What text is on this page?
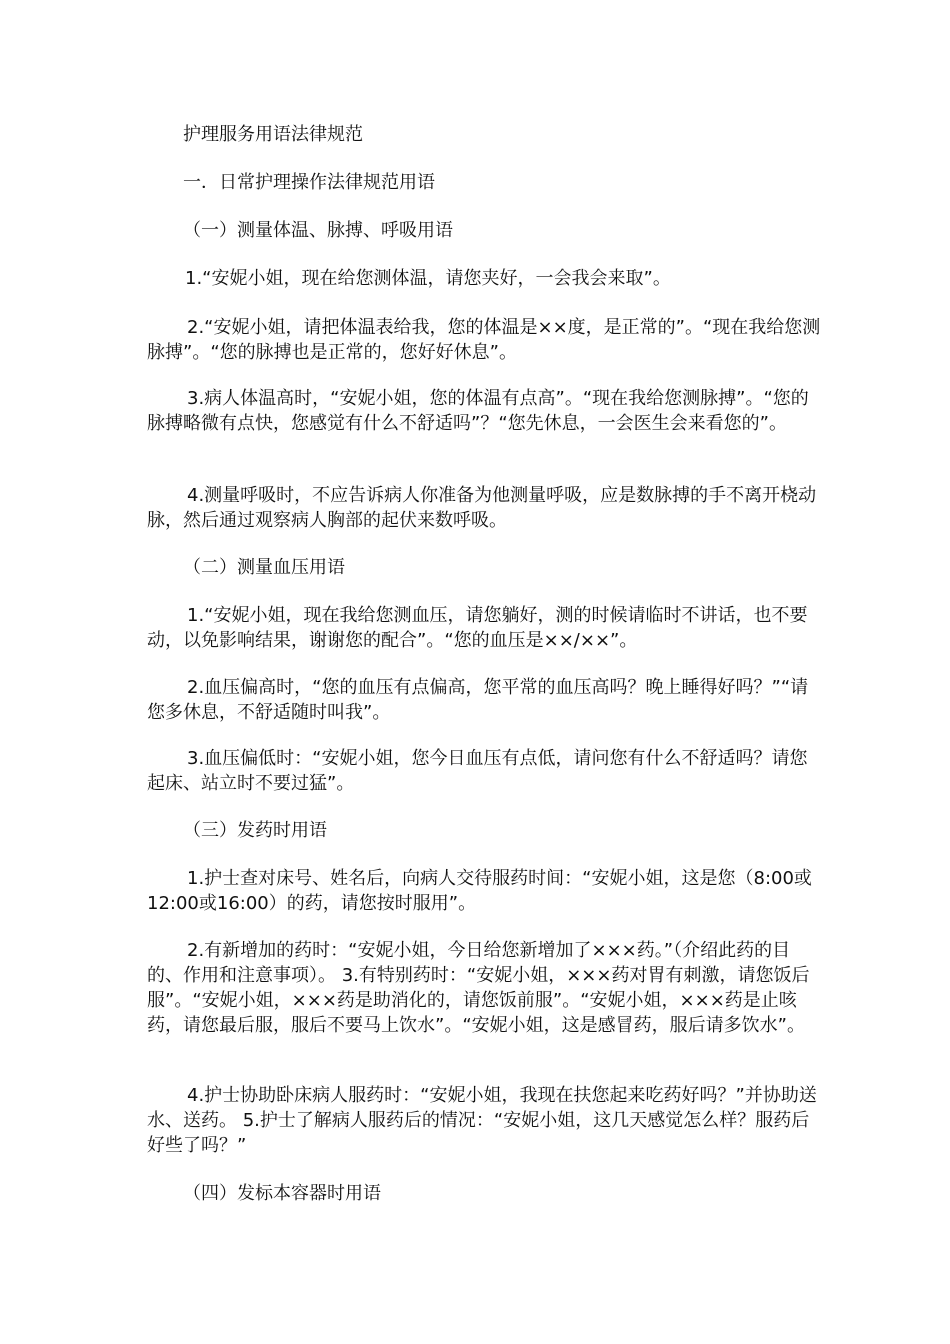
护理服务用语法律规范

一．日常护理操作法律规范用语

（一）测量体温、脉搏、呼吸用语

1.“安妮小姐，现在给您测体温，请您夹好，一会我会来取”。

2.“安妮小姐，请把体温表给我，您的体温是××度，是正常的”。“现在我给您测脉搏”。“您的脉搏也是正常的，您好好休息”。

3.病人体温高时，“安妮小姐，您的体温有点高”。“现在我给您测脉搏”。“您的脉搏略微有点快，您感觉有什么不舒适吗”？“您先休息，一会医生会来看您的”。

4.测量呼吸时，不应告诉病人你准备为他测量呼吸，应是数脉搏的手不离开桡动脉，然后通过观察病人胸部的起伏来数呼吸。

（二）测量血压用语

1.“安妮小姐，现在我给您测血压，请您躺好，测的时候请临时不讲话，也不要动，以免影响结果，谢谢您的配合”。“您的血压是××/××”。

2.血压偏高时，“您的血压有点偏高，您平常的血压高吗？晚上睡得好吗？”“请您多休息，不舒适随时叫我”。

3.血压偏低时：“安妮小姐，您今日血压有点低，请问您有什么不舒适吗？请您起床、站立时不要过猛”。

（三）发药时用语

1.护士查对床号、姓名后，向病人交待服药时间：“安妮小姐，这是您（8:00或12:00或16:00）的药，请您按时服用”。

2.有新增加的药时：“安妮小姐，今日给您新增加了×××药。”（介绍此药的目的、作用和注意事项）。 3.有特别药时：“安妮小姐，×××药对胃有刺激，请您饭后服”。“安妮小姐，×××药是助消化的，请您饭前服”。“安妮小姐，×××药是止咳药，请您最后服，服后不要马上饮水”。“安妮小姐，这是感冒药，服后请多饮水”。

4.护士协助卧床病人服药时：“安妮小姐，我现在扶您起来吃药好吗？”并协助送水、送药。 5.护士了解病人服药后的情况：“安妮小姐，这几天感觉怎么样？服药后好些了吗？”

（四）发标本容器时用语
